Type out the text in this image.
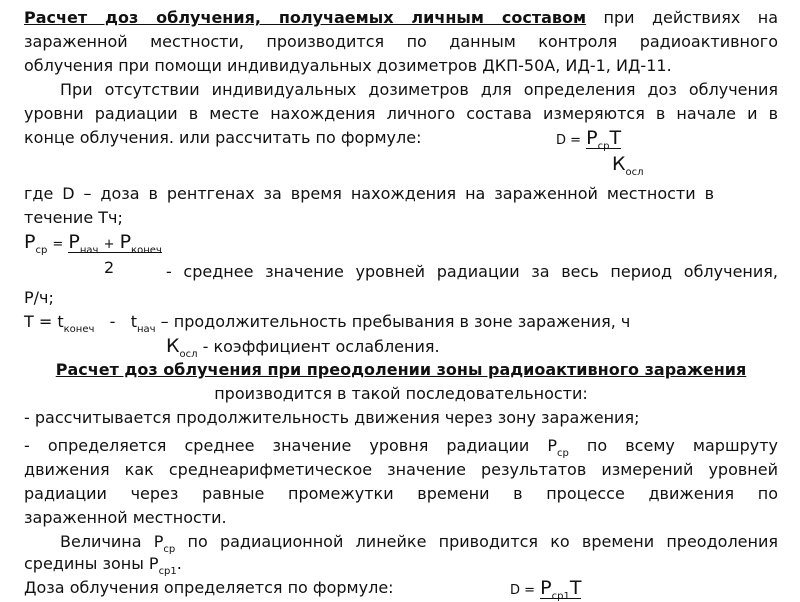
Расчет доз облучения, получаемых личным составом при действиях на
зараженной местности, производится по данным контроля радиоактивного
облучения при помощи индивидуальных дозиметров ДКП-50А, ИД-1, ИД-11.
При отсутствии индивидуальных дозиметров для определения доз облучения
уровни радиации в месте нахождения личного состава измеряются в начале и в
конце облучения. или рассчитать по формуле:	$D = Р_{ср}Т$
$К_{осл}$
где D – доза в рентгенах за время нахождения на зараженной местности в
течение Тч;
$Р_{ср} = Р_{нач} + Р_{конеч}$
2	- среднее значение уровней радиации за весь период облучения,
Р/ч;
$Т = t_{конеч} - t_{нач}$ – продолжительность пребывания в зоне заражения, ч
$К_{осл}$ - коэффициент ослабления.
Расчет доз облучения при преодолении зоны радиоактивного заражения
производится в такой последовательности:
- рассчитывается продолжительность движения через зону заражения;
- определяется среднее значение уровня радиации $Р_{ср}$ по всему маршруту
движения как среднеарифметическое значение результатов измерений уровней
радиации через равные промежутки времени в процессе движения по
зараженной местности.
Величина $Р_{ср}$ по радиационной линейке приводится ко времени преодоления
средины зоны $Р_{ср1}$.
Доза облучения определяется по формуле:	$D = Р_{ср1}Т$
